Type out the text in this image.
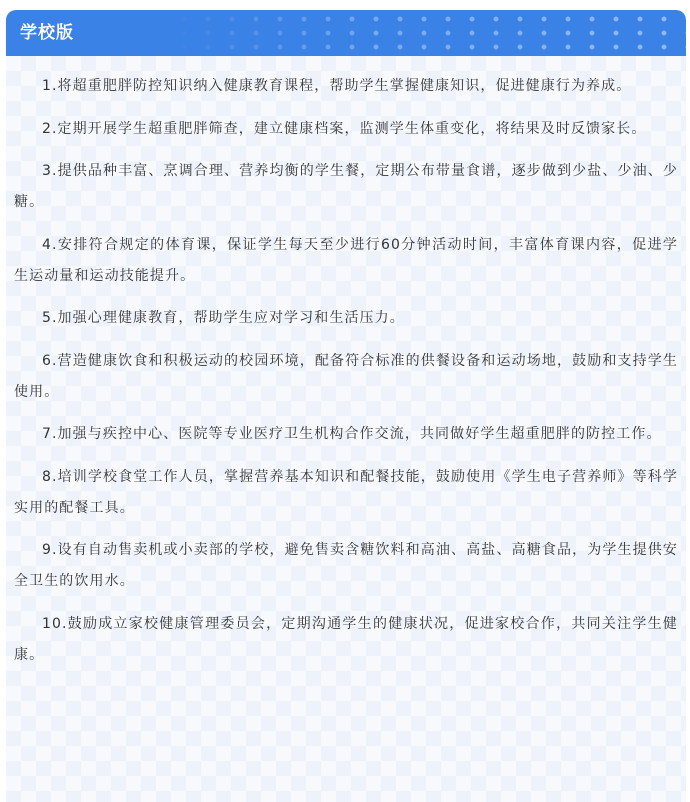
学校版

1.将超重肥胖防控知识纳入健康教育课程，帮助学生掌握健康知识，促进健康行为养成。

2.定期开展学生超重肥胖筛查，建立健康档案，监测学生体重变化，将结果及时反馈家长。

3.提供品种丰富、烹调合理、营养均衡的学生餐，定期公布带量食谱，逐步做到少盐、少油、少糖。

4.安排符合规定的体育课，保证学生每天至少进行60分钟活动时间，丰富体育课内容，促进学生运动量和运动技能提升。

5.加强心理健康教育，帮助学生应对学习和生活压力。

6.营造健康饮食和积极运动的校园环境，配备符合标准的供餐设备和运动场地，鼓励和支持学生使用。

7.加强与疾控中心、医院等专业医疗卫生机构合作交流，共同做好学生超重肥胖的防控工作。

8.培训学校食堂工作人员，掌握营养基本知识和配餐技能，鼓励使用《学生电子营养师》等科学实用的配餐工具。

9.设有自动售卖机或小卖部的学校，避免售卖含糖饮料和高油、高盐、高糖食品，为学生提供安全卫生的饮用水。

10.鼓励成立家校健康管理委员会，定期沟通学生的健康状况，促进家校合作，共同关注学生健康。
